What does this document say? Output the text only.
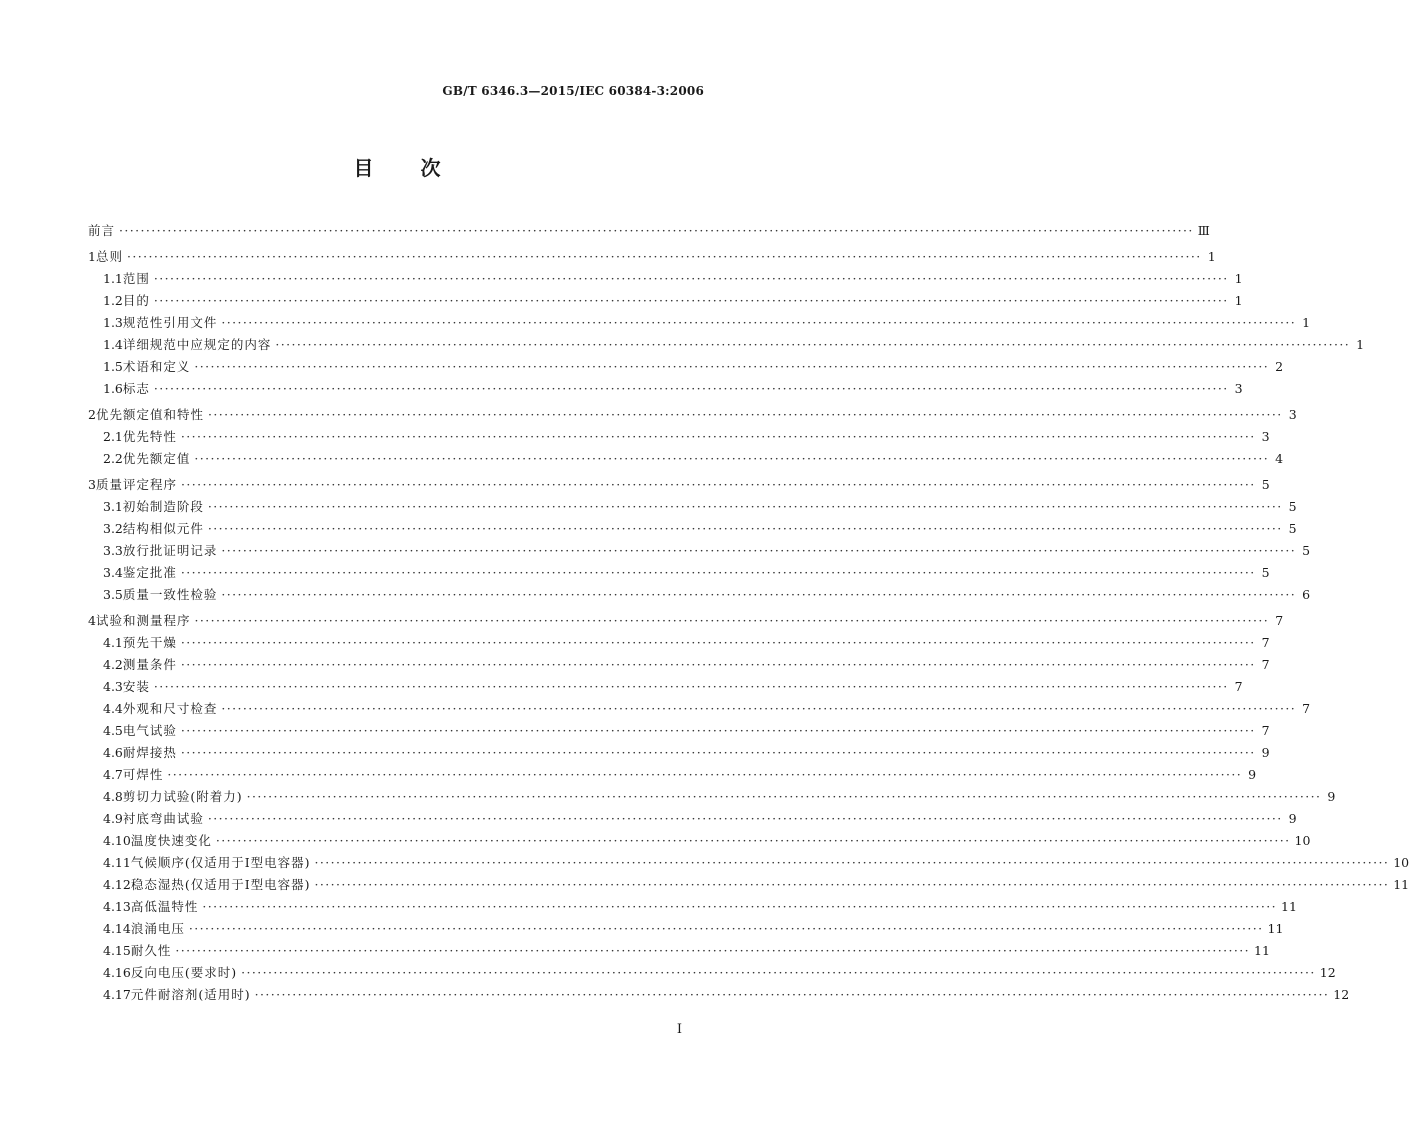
GB/T 6346.3—2015/IEC 60384-3:2006
目 次
前言 ········································································································································································································ Ⅲ
1 总则 ········································································································································································································ 1
1.1 范围 ········································································································································································································ 1
1.2 目的 ········································································································································································································ 1
1.3 规范性引用文件 ········································································································································································································ 1
1.4 详细规范中应规定的内容 ········································································································································································································ 1
1.5 术语和定义 ········································································································································································································ 2
1.6 标志 ········································································································································································································ 3
2 优先额定值和特性 ········································································································································································································ 3
2.1 优先特性 ········································································································································································································ 3
2.2 优先额定值 ········································································································································································································ 4
3 质量评定程序 ········································································································································································································ 5
3.1 初始制造阶段 ········································································································································································································ 5
3.2 结构相似元件 ········································································································································································································ 5
3.3 放行批证明记录 ········································································································································································································ 5
3.4 鉴定批准 ········································································································································································································ 5
3.5 质量一致性检验 ········································································································································································································ 6
4 试验和测量程序 ········································································································································································································ 7
4.1 预先干燥 ········································································································································································································ 7
4.2 测量条件 ········································································································································································································ 7
4.3 安装 ········································································································································································································ 7
4.4 外观和尺寸检查 ········································································································································································································ 7
4.5 电气试验 ········································································································································································································ 7
4.6 耐焊接热 ········································································································································································································ 9
4.7 可焊性 ········································································································································································································ 9
4.8 剪切力试验(附着力) ········································································································································································································ 9
4.9 衬底弯曲试验 ········································································································································································································ 9
4.10 温度快速变化 ········································································································································································································ 10
4.11 气候顺序(仅适用于Ⅰ型电容器) ········································································································································································································ 10
4.12 稳态湿热(仅适用于Ⅰ型电容器) ········································································································································································································ 11
4.13 高低温特性 ········································································································································································································ 11
4.14 浪涌电压 ········································································································································································································ 11
4.15 耐久性 ········································································································································································································ 11
4.16 反向电压(要求时) ········································································································································································································ 12
4.17 元件耐溶剂(适用时) ········································································································································································································ 12
Ⅰ
